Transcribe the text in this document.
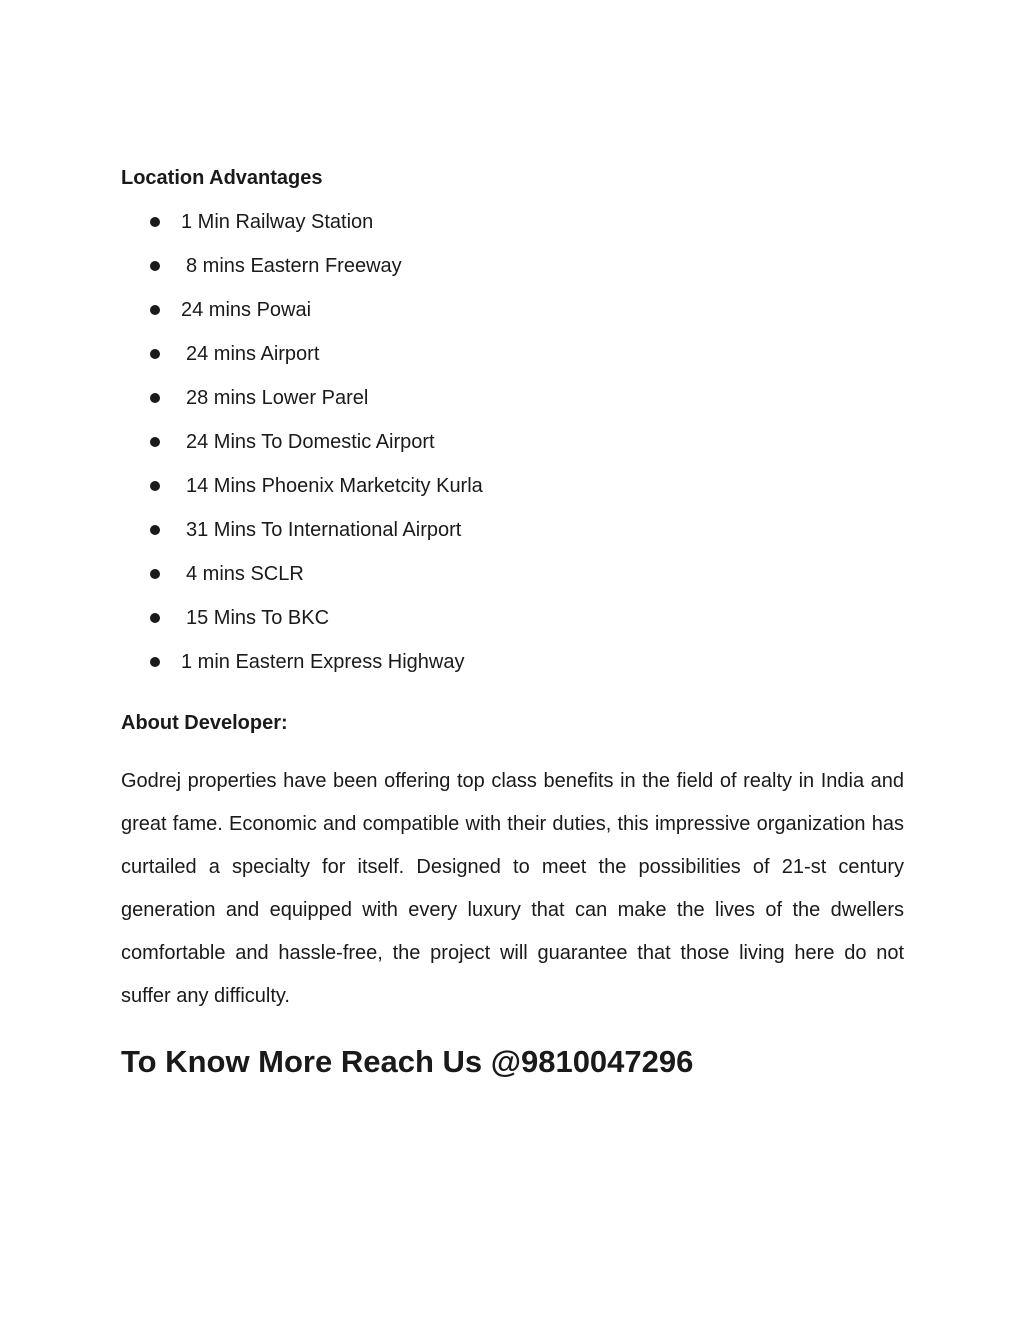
Location Advantages
1 Min Railway Station
8 mins Eastern Freeway
24 mins Powai
24 mins Airport
28 mins Lower Parel
24 Mins To Domestic Airport
14 Mins Phoenix Marketcity Kurla
31 Mins To International Airport
4 mins SCLR
15 Mins To BKC
1 min Eastern Express Highway
About Developer:

Godrej properties have been offering top class benefits in the field of realty in India and great fame. Economic and compatible with their duties, this impressive organization has curtailed a specialty for itself. Designed to meet the possibilities of 21-st century generation and equipped with every luxury that can make the lives of the dwellers comfortable and hassle-free, the project will guarantee that those living here do not suffer any difficulty.

To Know More Reach Us @9810047296
